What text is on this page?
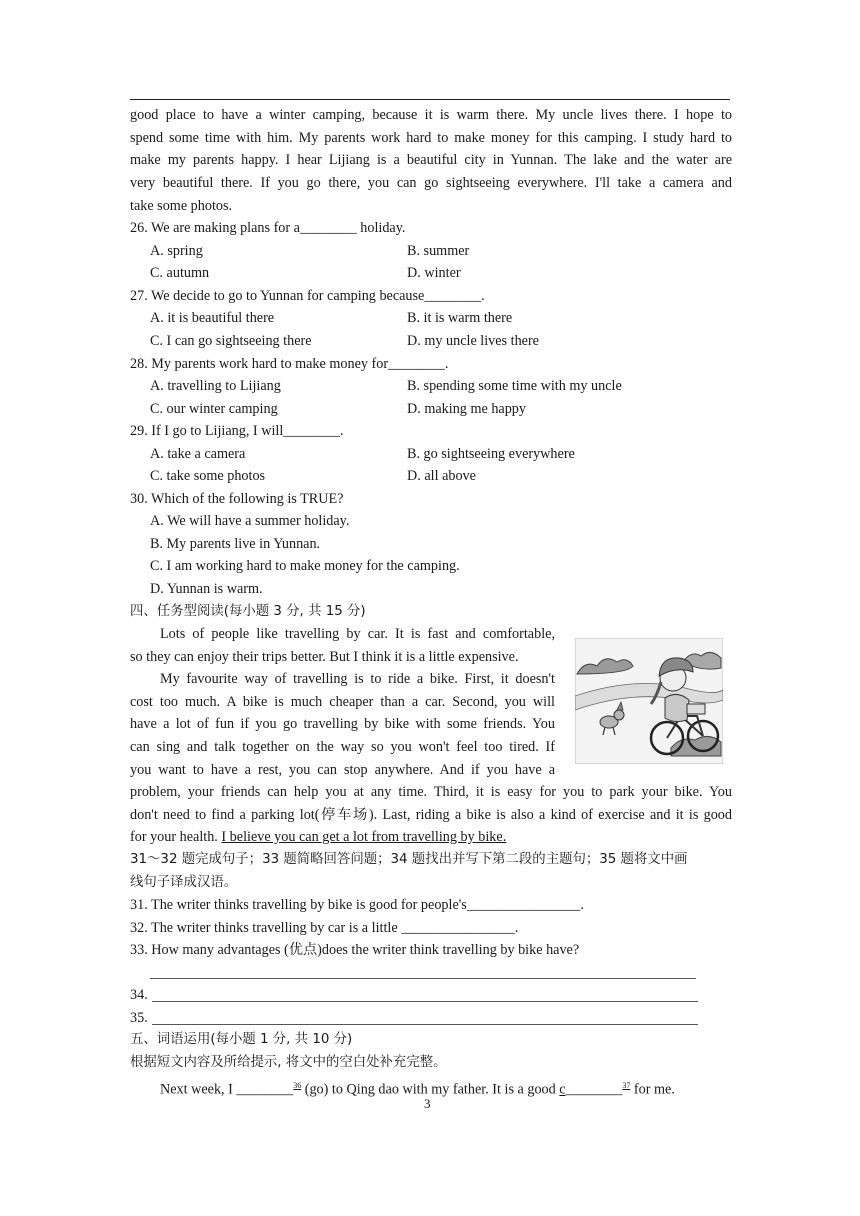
good place to have a winter camping, because it is warm there. My uncle lives there. I hope to
spend some time with him. My parents work hard to make money for this camping. I study hard to
make my parents happy. I hear Lijiang is a beautiful city in Yunnan. The lake and the water are
very beautiful there. If you go there, you can go sightseeing everywhere. I'll take a camera and
take some photos.
26. We are making plans for a________ holiday.
A. spring	B. summer
C. autumn	D. winter
27. We decide to go to Yunnan for camping because________.
A. it is beautiful there	B. it is warm there
C. I can go sightseeing there	D. my uncle lives there
28. My parents work hard to make money for________.
A. travelling to Lijiang	B. spending some time with my uncle
C. our winter camping	D. making me happy
29. If I go to Lijiang, I will________.
A. take a camera	B. go sightseeing everywhere
C. take some photos	D. all above
30. Which of the following is TRUE?
A. We will have a summer holiday.
B. My parents live in Yunnan.
C. I am working hard to make money for the camping.
D. Yunnan is warm.
四、任务型阅读(每小题 3 分, 共 15 分)
Lots of people like travelling by car. It is fast and comfortable,
so they can enjoy their trips better. But I think it is a little expensive.
My favourite way of travelling is to ride a bike. First, it doesn't
cost too much. A bike is much cheaper than a car. Second, you will
have a lot of fun if you go travelling by bike with some friends. You
can sing and talk together on the way so you won't feel too tired. If
you want to have a rest, you can stop anywhere. And if you have a
problem, your friends can help you at any time. Third, it is easy for you to park your bike. You
don't need to find a parking lot(停车场). Last, riding a bike is also a kind of exercise and it is good
for your health. I believe you can get a lot from travelling by bike.
31～32 题完成句子；33 题简略回答问题；34 题找出并写下第二段的主题句；35 题将文中画
线句子译成汉语。
31. The writer thinks travelling by bike is good for people's________________.
32. The writer thinks travelling by car is a little ________________.
33. How many advantages (优点)does the writer think travelling by bike have?
34.
35.
五、词语运用(每小题 1 分, 共 10 分)
根据短文内容及所给提示, 将文中的空白处补充完整。
Next week, I ________$^{36}$ (go) to Qing dao with my father. It is a good c________$^{37}$ for me.
3
